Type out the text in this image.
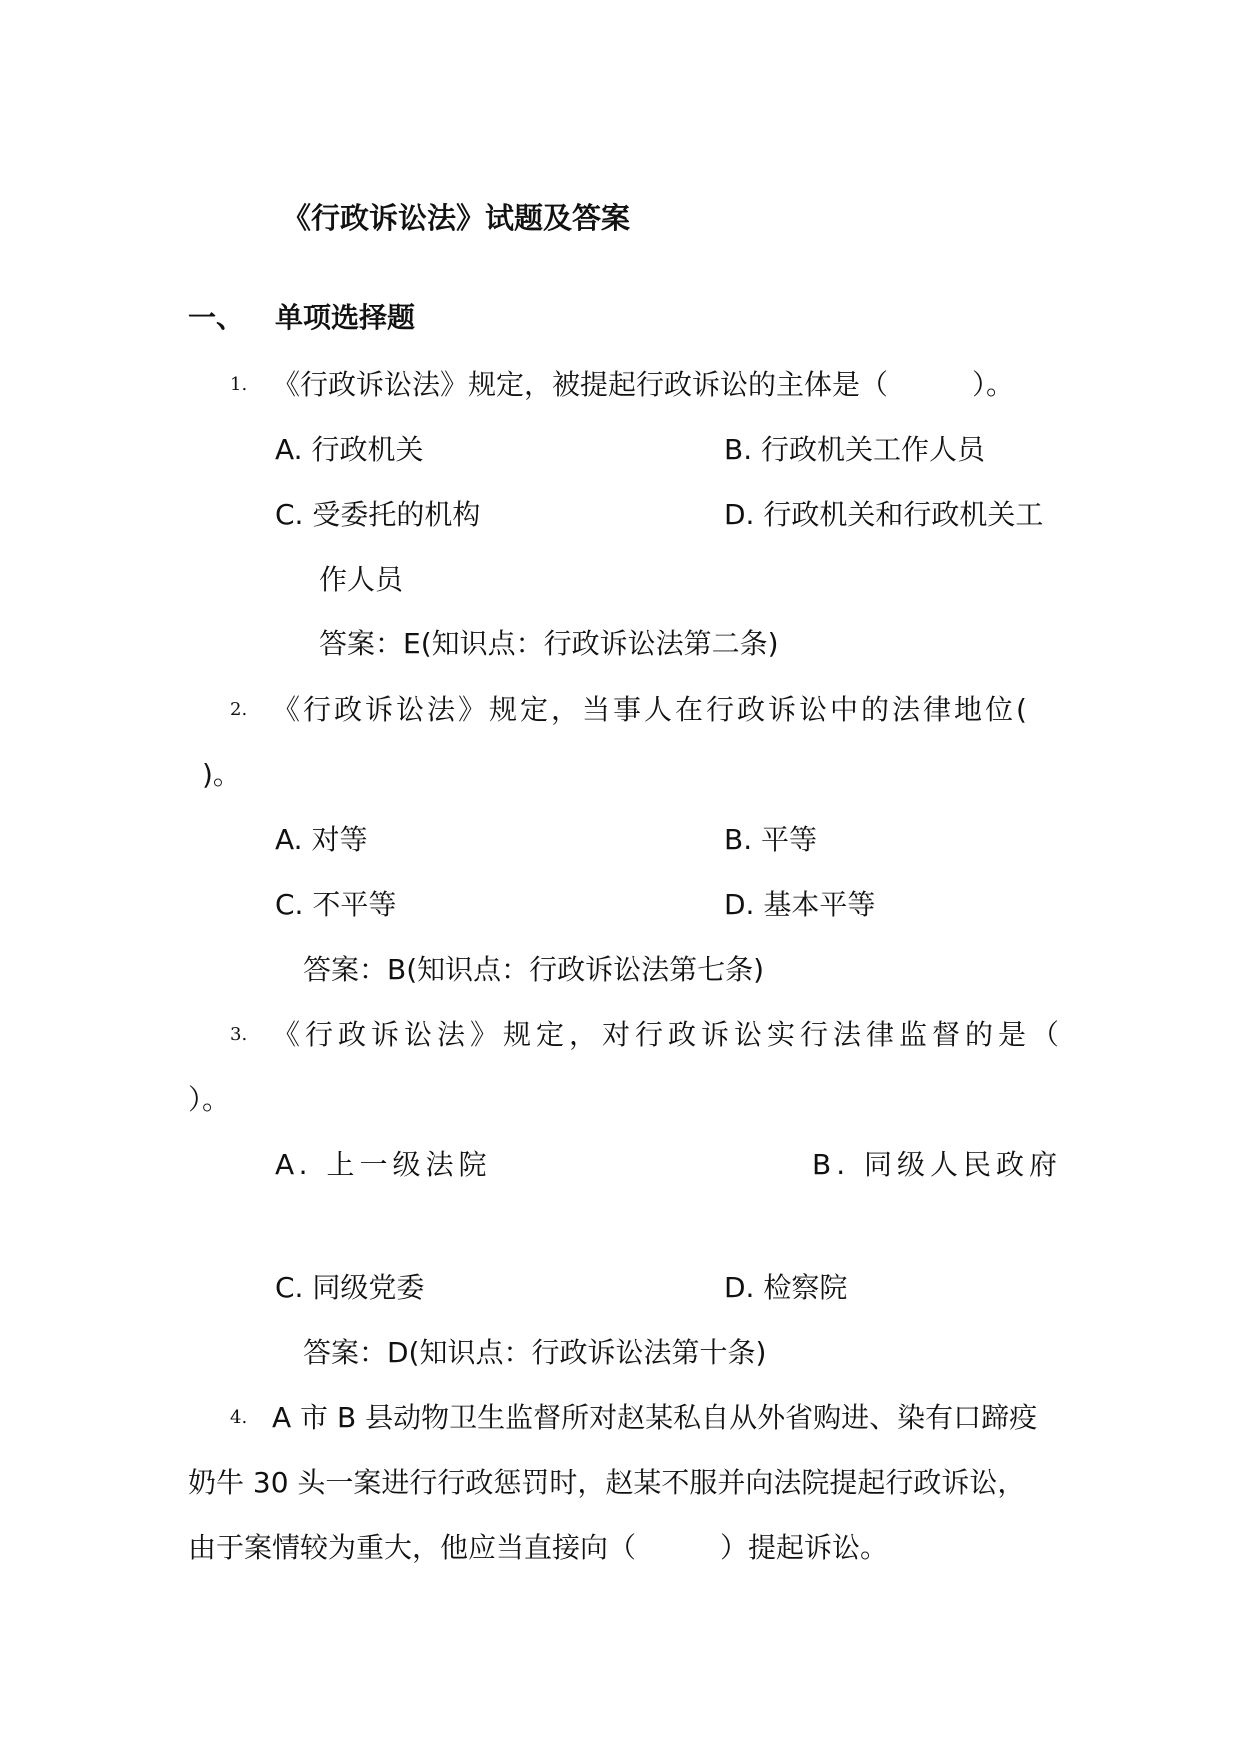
《行政诉讼法》试题及答案
一、 单项选择题
1. 《行政诉讼法》规定，被提起行政诉讼的主体是（　　　）。
A. 行政机关	B. 行政机关工作人员
C. 受委托的机构	D. 行政机关和行政机关工
作人员
答案：E(知识点：行政诉讼法第二条)
2. 《行政诉讼法》规定，当事人在行政诉讼中的法律地位(
)。
A. 对等	B. 平等
C. 不平等	D. 基本平等
答案：B(知识点：行政诉讼法第七条)
3. 《行政诉讼法》规定，对行政诉讼实行法律监督的是（
）。
A. 上一级法院	B. 同级人民政府
C. 同级党委	D. 检察院
答案：D(知识点：行政诉讼法第十条)
4. A 市 B 县动物卫生监督所对赵某私自从外省购进、染有口蹄疫
奶牛 30 头一案进行行政惩罚时，赵某不服并向法院提起行政诉讼，
由于案情较为重大，他应当直接向（　　　）提起诉讼。
